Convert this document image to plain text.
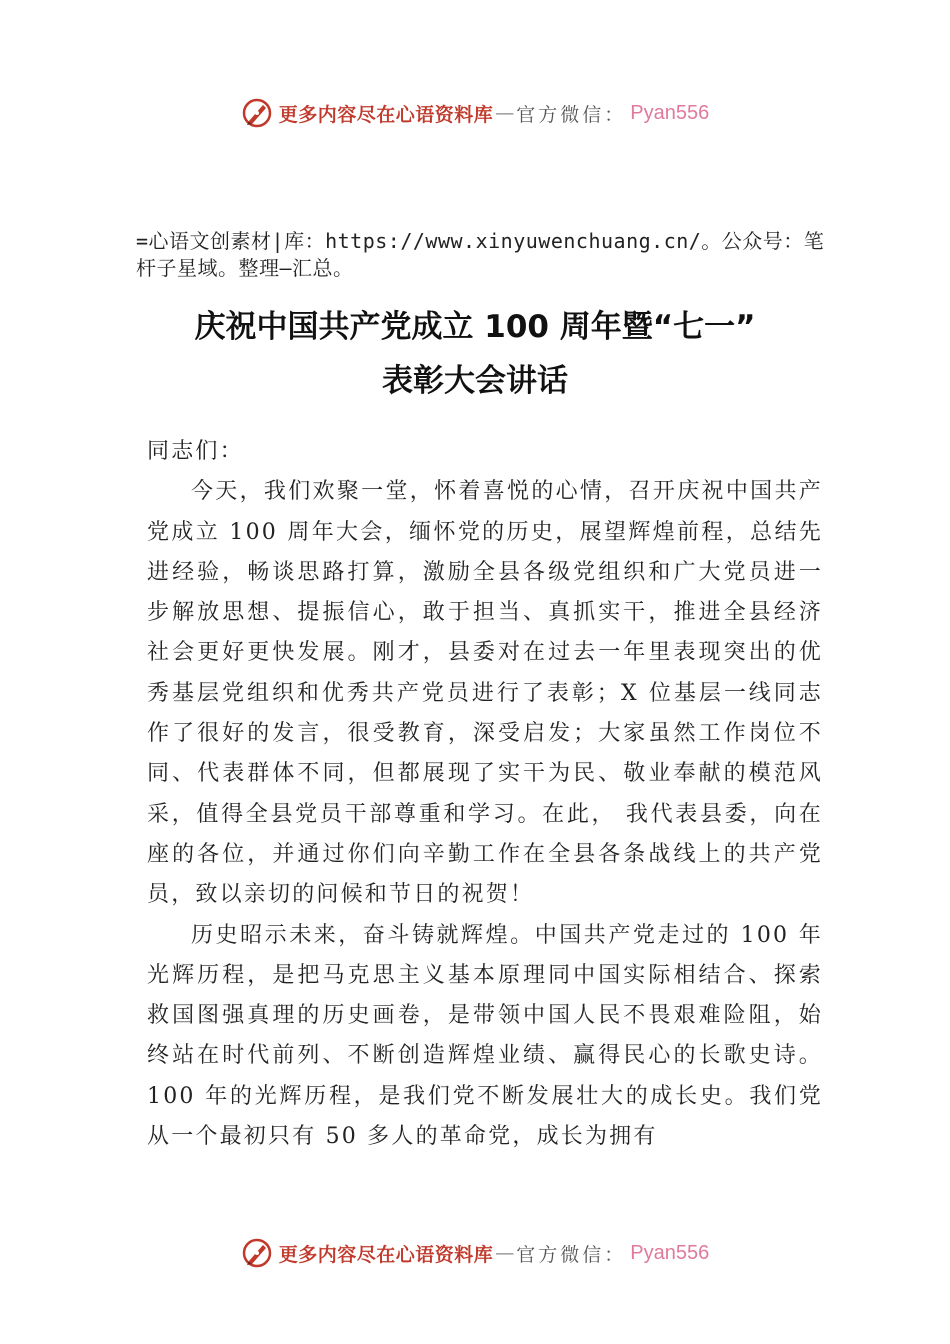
更多内容尽在心语资料库 — 官方微信： Pyan556

=心语文创素材|库：https://www.xinyuwenchuang.cn/。公众号：笔杆子星域。整理—汇总。

庆祝中国共产党成立 100 周年暨“七一”
表彰大会讲话

同志们：

今天，我们欢聚一堂，怀着喜悦的心情，召开庆祝中国共产党成立 100 周年大会，缅怀党的历史，展望辉煌前程，总结先进经验，畅谈思路打算，激励全县各级党组织和广大党员进一步解放思想、提振信心，敢于担当、真抓实干，推进全县经济社会更好更快发展。刚才，县委对在过去一年里表现突出的优秀基层党组织和优秀共产党员进行了表彰；X 位基层一线同志作了很好的发言，很受教育，深受启发；大家虽然工作岗位不同、代表群体不同，但都展现了实干为民、敬业奉献的模范风采，值得全县党员干部尊重和学习。在此， 我代表县委，向在座的各位，并通过你们向辛勤工作在全县各条战线上的共产党员，致以亲切的问候和节日的祝贺！

历史昭示未来，奋斗铸就辉煌。中国共产党走过的 100 年光辉历程，是把马克思主义基本原理同中国实际相结合、探索救国图强真理的历史画卷，是带领中国人民不畏艰难险阻，始终站在时代前列、不断创造辉煌业绩、赢得民心的长歌史诗。100 年的光辉历程，是我们党不断发展壮大的成长史。我们党从一个最初只有 50 多人的革命党，成长为拥有

更多内容尽在心语资料库 — 官方微信： Pyan556
